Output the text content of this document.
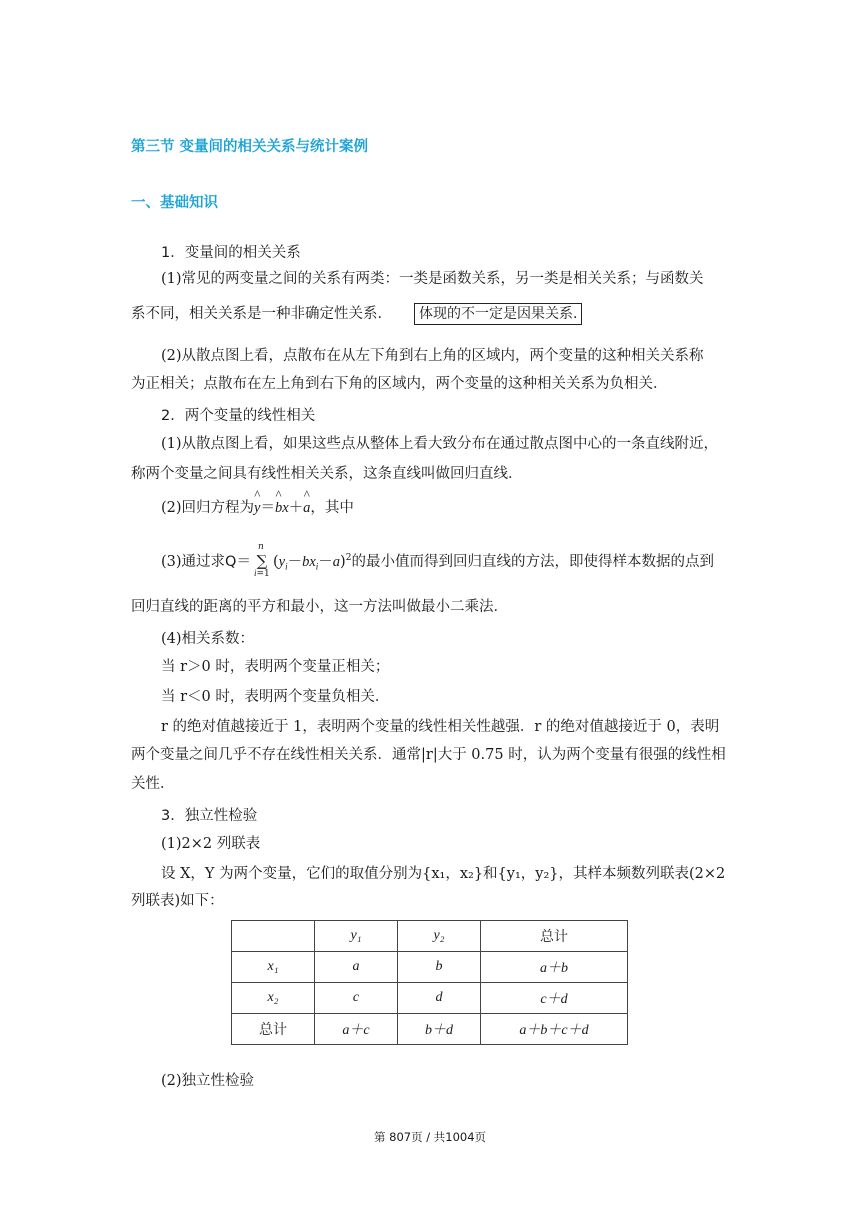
第三节 变量间的相关关系与统计案例
一、基础知识
1．变量间的相关关系
(1)常见的两变量之间的关系有两类：一类是函数关系，另一类是相关关系；与函数关
系不同，相关关系是一种非确定性关系． 体现的不一定是因果关系.
(2)从散点图上看，点散布在从左下角到右上角的区域内，两个变量的这种相关关系称
为正相关；点散布在左上角到右下角的区域内，两个变量的这种相关关系为负相关．
2．两个变量的线性相关
(1)从散点图上看，如果这些点从整体上看大致分布在通过散点图中心的一条直线附近，
称两个变量之间具有线性相关关系，这条直线叫做回归直线．
(2)回归方程为^ y＝^ bx＋^ a，其中
(3)通过求Q＝
n
∑
i=1
$(y_i-bx_i-a)^2$的最小值而得到回归直线的方法，即使得样本数据的点到
回归直线的距离的平方和最小，这一方法叫做最小二乘法．
(4)相关系数：
当 r＞0 时，表明两个变量正相关；
当 r＜0 时，表明两个变量负相关．
r 的绝对值越接近于 1，表明两个变量的线性相关性越强．r 的绝对值越接近于 0，表明
两个变量之间几乎不存在线性相关关系．通常|r|大于 0.75 时，认为两个变量有很强的线性相
关性．
3．独立性检验
(1)2×2 列联表
设 X，Y 为两个变量，它们的取值分别为{x₁，x₂}和{y₁，y₂}，其样本频数列联表(2×2
列联表)如下：
	y₁	y₂	总计
x₁	a	b	a＋b
x₂	c	d	c＋d
总计	a＋c	b＋d	a＋b＋c＋d
(2)独立性检验
第 807页 / 共1004页
